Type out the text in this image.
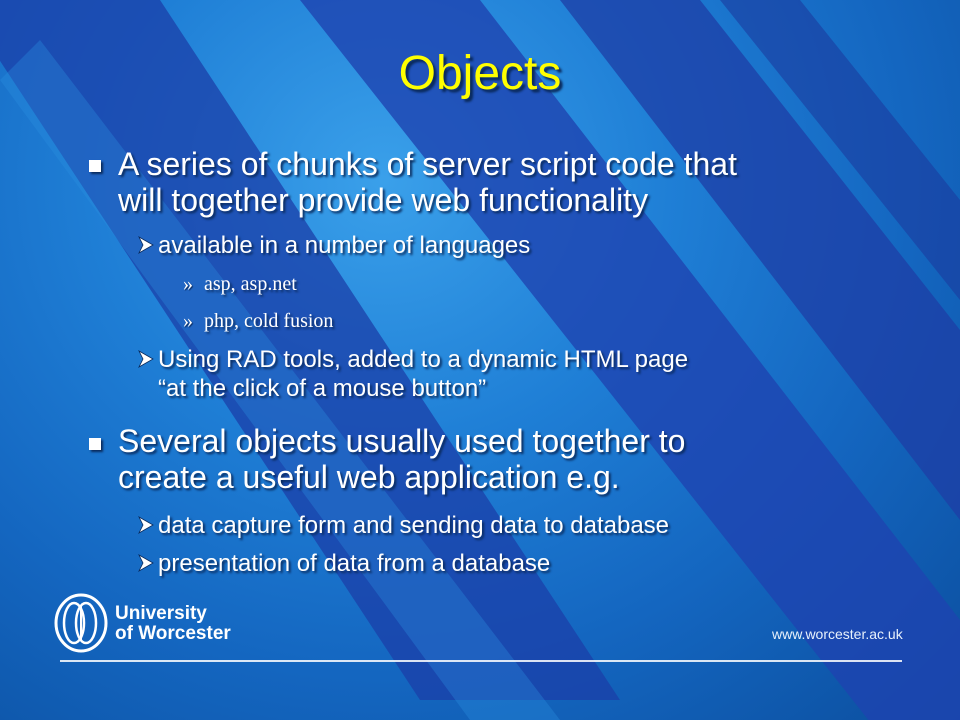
Objects

A series of chunks of server script code that

will together provide web functionality

available in a number of languages

» asp, asp.net

» php, cold fusion

Using RAD tools, added to a dynamic HTML page

“at the click of a mouse button”

Several objects usually used together to

create a useful web application e.g.

data capture form and sending data to database

presentation of data from a database

University
of Worcester	www.worcester.ac.uk
